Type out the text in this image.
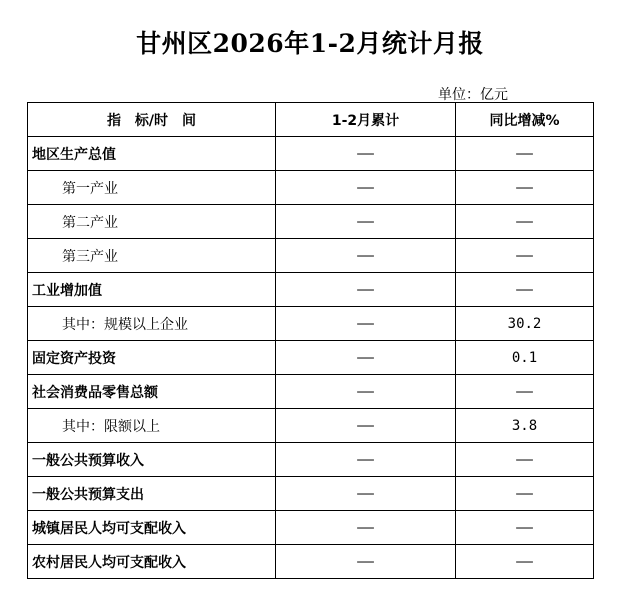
甘州区2026年1-2月统计月报
单位：亿元
指　标/时　间	1-2月累计	同比增减%
地区生产总值	——	——
第一产业	——	——
第二产业	——	——
第三产业	——	——
工业增加值	——	——
其中：规模以上企业	——	30.2
固定资产投资	——	0.1
社会消费品零售总额	——	——
其中：限额以上	——	3.8
一般公共预算收入	——	——
一般公共预算支出	——	——
城镇居民人均可支配收入	——	——
农村居民人均可支配收入	——	——
